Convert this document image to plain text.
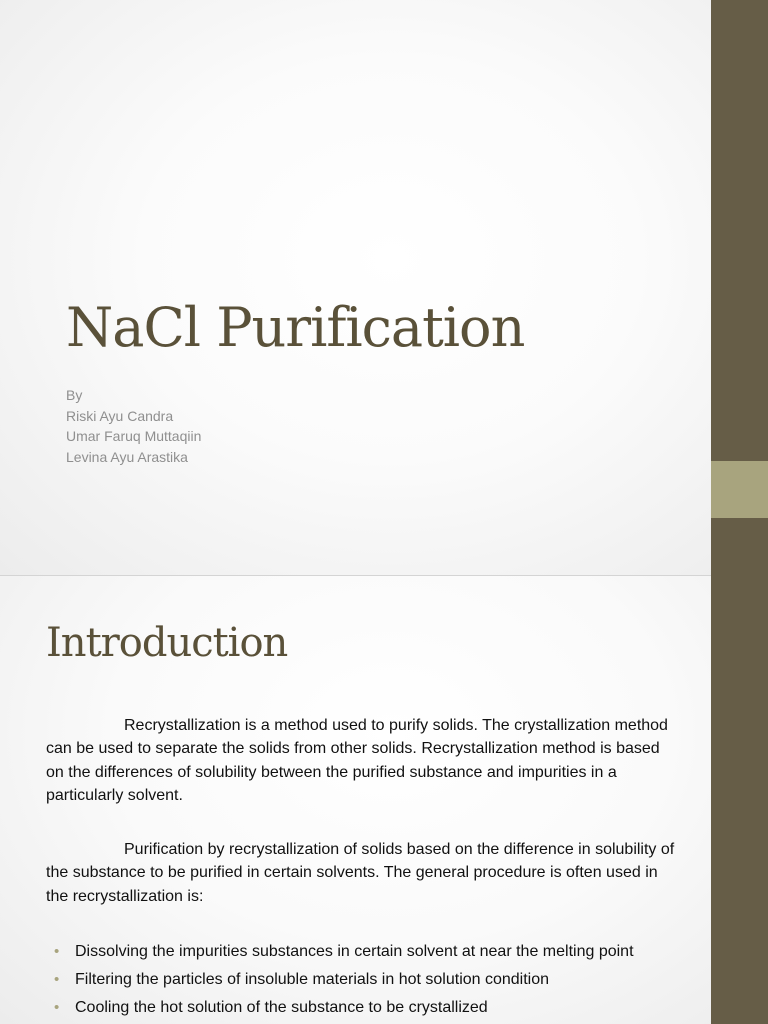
NaCl Purification
By
Riski Ayu Candra
Umar Faruq Muttaqiin
Levina Ayu Arastika
Introduction

Recrystallization is a method used to purify solids. The crystallization method can be used to separate the solids from other solids. Recrystallization method is based on the differences of solubility between the purified substance and impurities in a particularly solvent.

Purification by recrystallization of solids based on the difference in solubility of the substance to be purified in certain solvents. The general procedure is often used in the recrystallization is:

• Dissolving the impurities substances in certain solvent at near the melting point
• Filtering the particles of insoluble materials in hot solution condition
• Cooling the hot solution of the substance to be crystallized
